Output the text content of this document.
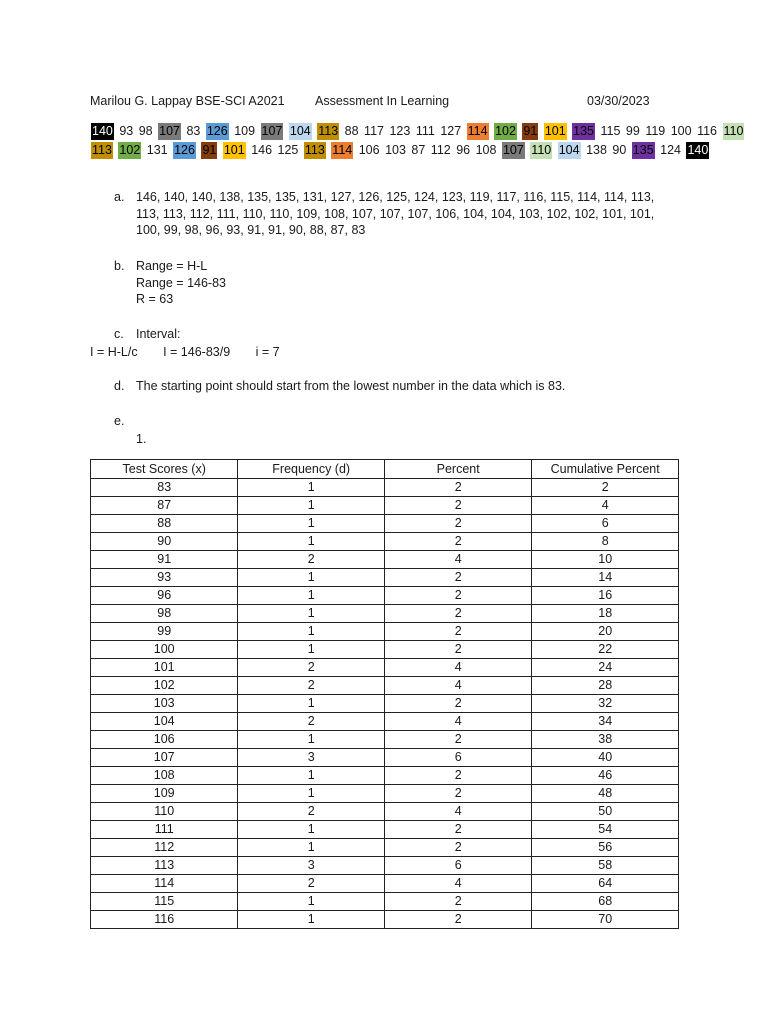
Marilou G. Lappay BSE-SCI A2021 Assessment In Learning	03/30/2023
140 93 98 107 83 126 109 107 104 113 88 117 123 111 127 114 102 91 101 135 115 99 119 100 116 110
113 102 131 126 91 101 146 125 113 114 106 103 87 112 96 108 107 110 104 138 90 135 124 140
a. 146, 140, 140, 138, 135, 135, 131, 127, 126, 125, 124, 123, 119, 117, 116, 115, 114, 114, 113, 113, 113, 112, 111, 110, 110, 109, 108, 107, 107, 107, 106, 104, 104, 103, 102, 102, 101, 101, 100, 99, 98, 96, 93, 91, 91, 90, 88, 87, 83
b. Range = H-L
Range = 146-83
R = 63
c. Interval:
I = H-L/c I = 146-83/9 i = 7
d. The starting point should start from the lowest number in the data which is 83.
e.
1.
Test Scores (x)	Frequency (d)	Percent	Cumulative Percent
83	1	2	2
87	1	2	4
88	1	2	6
90	1	2	8
91	2	4	10
93	1	2	14
96	1	2	16
98	1	2	18
99	1	2	20
100	1	2	22
101	2	4	24
102	2	4	28
103	1	2	32
104	2	4	34
106	1	2	38
107	3	6	40
108	1	2	46
109	1	2	48
110	2	4	50
111	1	2	54
112	1	2	56
113	3	6	58
114	2	4	64
115	1	2	68
116	1	2	70
